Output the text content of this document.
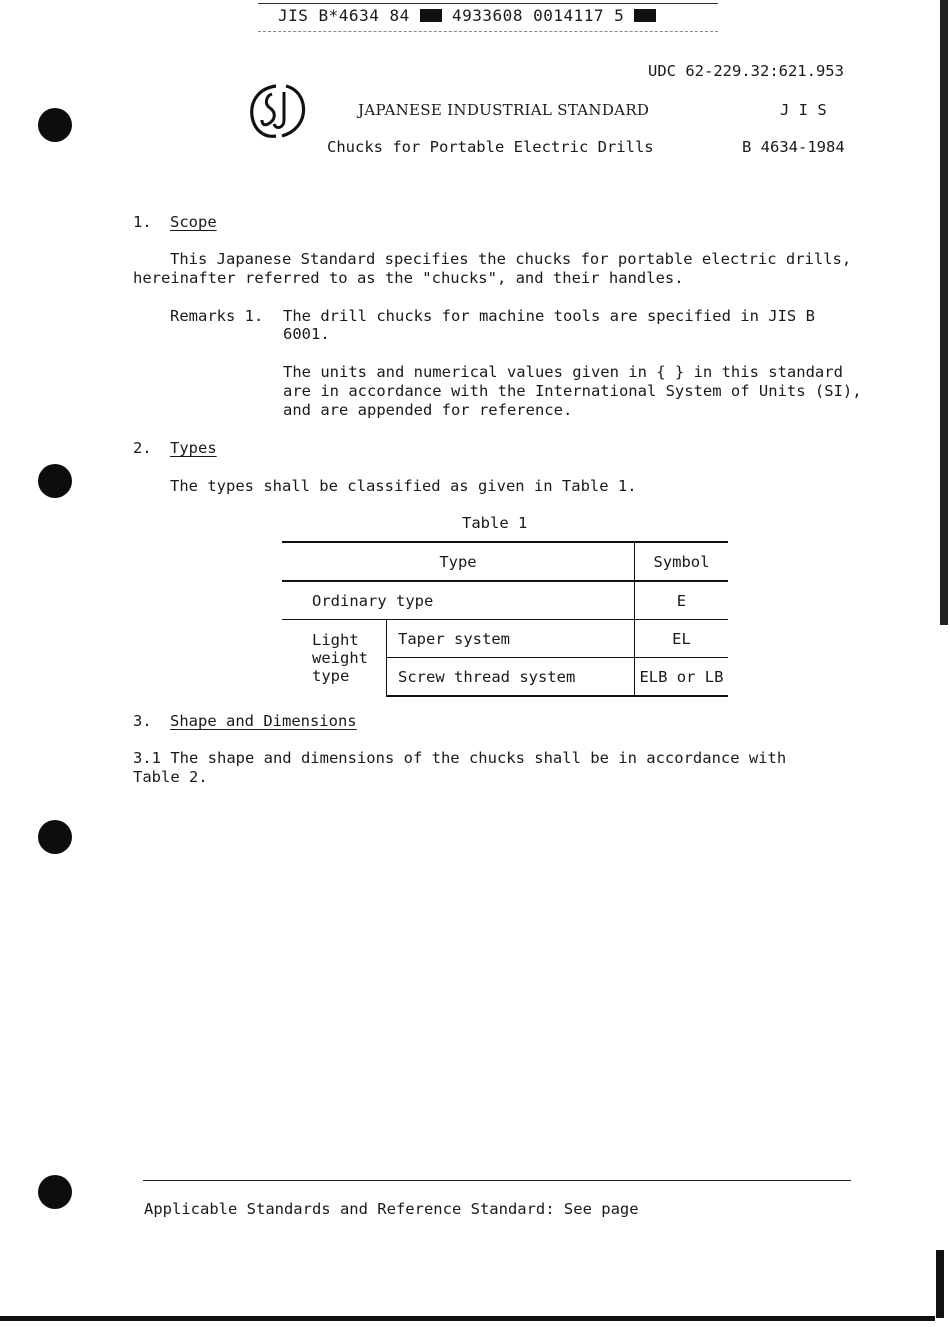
JIS B*4634 84	4933608 0014117 5
UDC 62-229.32:621.953
JAPANESE INDUSTRIAL STANDARD	J I S
Chucks for Portable Electric Drills	B 4634-1984
1. Scope
This Japanese Standard specifies the chucks for portable electric drills,
hereinafter referred to as the "chucks", and their handles.
Remarks 1. The drill chucks for machine tools are specified in JIS B
6001.
The units and numerical values given in { } in this standard
are in accordance with the International System of Units (SI),
and are appended for reference.
2. Types
The types shall be classified as given in Table 1.
Table 1
Type		Symbol
Ordinary type		E
Light
weight
type	Taper system	EL
	Screw thread system	ELB or LB
3. Shape and Dimensions
3.1 The shape and dimensions of the chucks shall be in accordance with
Table 2.
Applicable Standards and Reference Standard: See page
